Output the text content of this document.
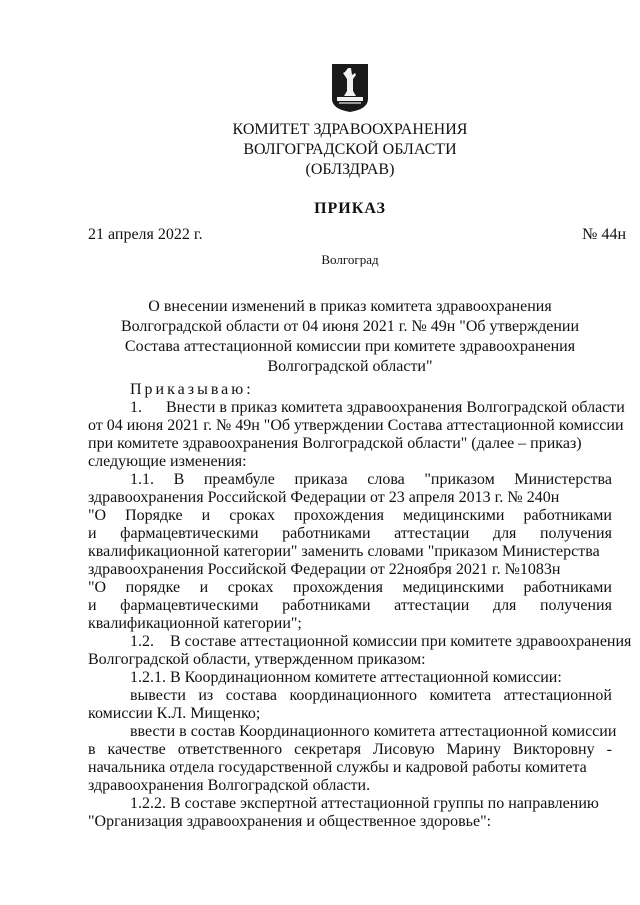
КОМИТЕТ ЗДРАВООХРАНЕНИЯ
ВОЛГОГРАДСКОЙ ОБЛАСТИ
(ОБЛЗДРАВ)
ПРИКАЗ
21 апреля 2022 г.	№ 44н
Волгоград
О внесении изменений в приказ комитета здравоохранения
Волгоградской области от 04 июня 2021 г. № 49н "Об утверждении
Состава аттестационной комиссии при комитете здравоохранения
Волгоградской области"
Приказываю:
1.      Внести в приказ комитета здравоохранения Волгоградской области
от 04 июня 2021 г. № 49н "Об утверждении Состава аттестационной комиссии
при комитете здравоохранения Волгоградской области" (далее – приказ)
следующие изменения:
1.1. В преамбуле приказа слова "приказом Министерства
здравоохранения Российской Федерации от 23 апреля 2013 г. № 240н
"О Порядке и сроках прохождения медицинскими работниками
и фармацевтическими работниками аттестации для получения
квалификационной категории" заменить словами "приказом Министерства
здравоохранения Российской Федерации от 22ноября 2021 г. №1083н
"О порядке и сроках прохождения медицинскими работниками
и фармацевтическими работниками аттестации для получения
квалификационной категории";
1.2.    В составе аттестационной комиссии при комитете здравоохранения
Волгоградской области, утвержденном приказом:
1.2.1. В Координационном комитете аттестационной комиссии:
вывести из состава координационного комитета аттестационной
комиссии К.Л. Мищенко;
ввести в состав Координационного комитета аттестационной комиссии
в качестве ответственного секретаря Лисовую Марину Викторовну -
начальника отдела государственной службы и кадровой работы комитета
здравоохранения Волгоградской области.
1.2.2. В составе экспертной аттестационной группы по направлению
"Организация здравоохранения и общественное здоровье":
